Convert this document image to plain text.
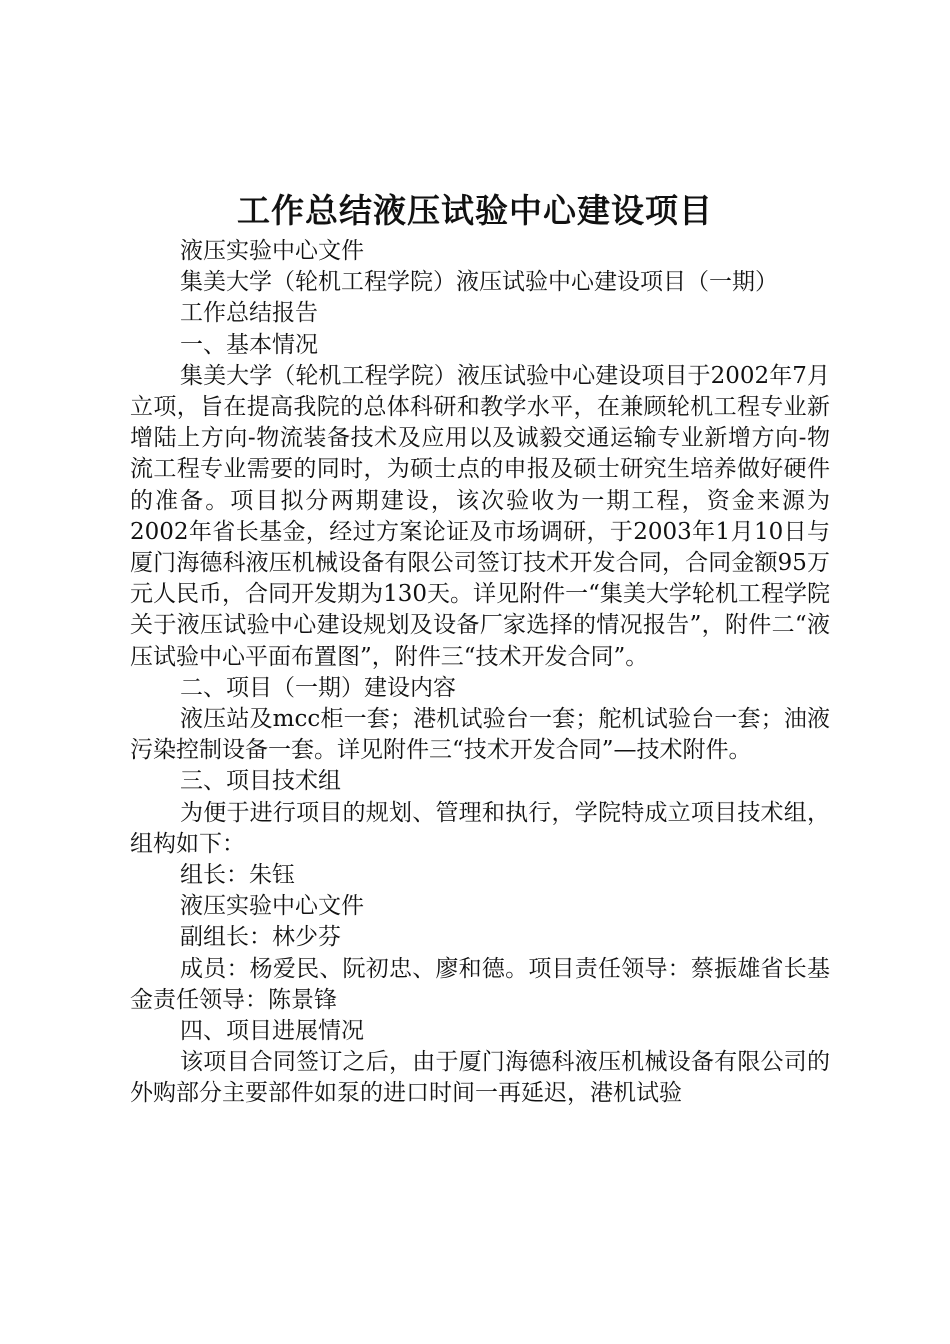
工作总结液压试验中心建设项目

液压实验中心文件

集美大学（轮机工程学院）液压试验中心建设项目（一期）

工作总结报告

一、基本情况

集美大学（轮机工程学院）液压试验中心建设项目于2002年7月立项，旨在提高我院的总体科研和教学水平，在兼顾轮机工程专业新增陆上方向-物流装备技术及应用以及诚毅交通运输专业新增方向-物流工程专业需要的同时，为硕士点的申报及硕士研究生培养做好硬件的准备。项目拟分两期建设，该次验收为一期工程，资金来源为2002年省长基金，经过方案论证及市场调研，于2003年1月10日与厦门海德科液压机械设备有限公司签订技术开发合同，合同金额95万元人民币，合同开发期为130天。详见附件一“集美大学轮机工程学院关于液压试验中心建设规划及设备厂家选择的情况报告”，附件二“液压试验中心平面布置图”，附件三“技术开发合同”。

二、项目（一期）建设内容

液压站及mcc柜一套；港机试验台一套；舵机试验台一套；油液污染控制设备一套。详见附件三“技术开发合同”—技术附件。

三、项目技术组

为便于进行项目的规划、管理和执行，学院特成立项目技术组，组构如下：

组长：朱钰

液压实验中心文件

副组长：林少芬

成员：杨爱民、阮初忠、廖和德。项目责任领导：蔡振雄省长基金责任领导：陈景锋

四、项目进展情况

该项目合同签订之后，由于厦门海德科液压机械设备有限公司的外购部分主要部件如泵的进口时间一再延迟，港机试验
